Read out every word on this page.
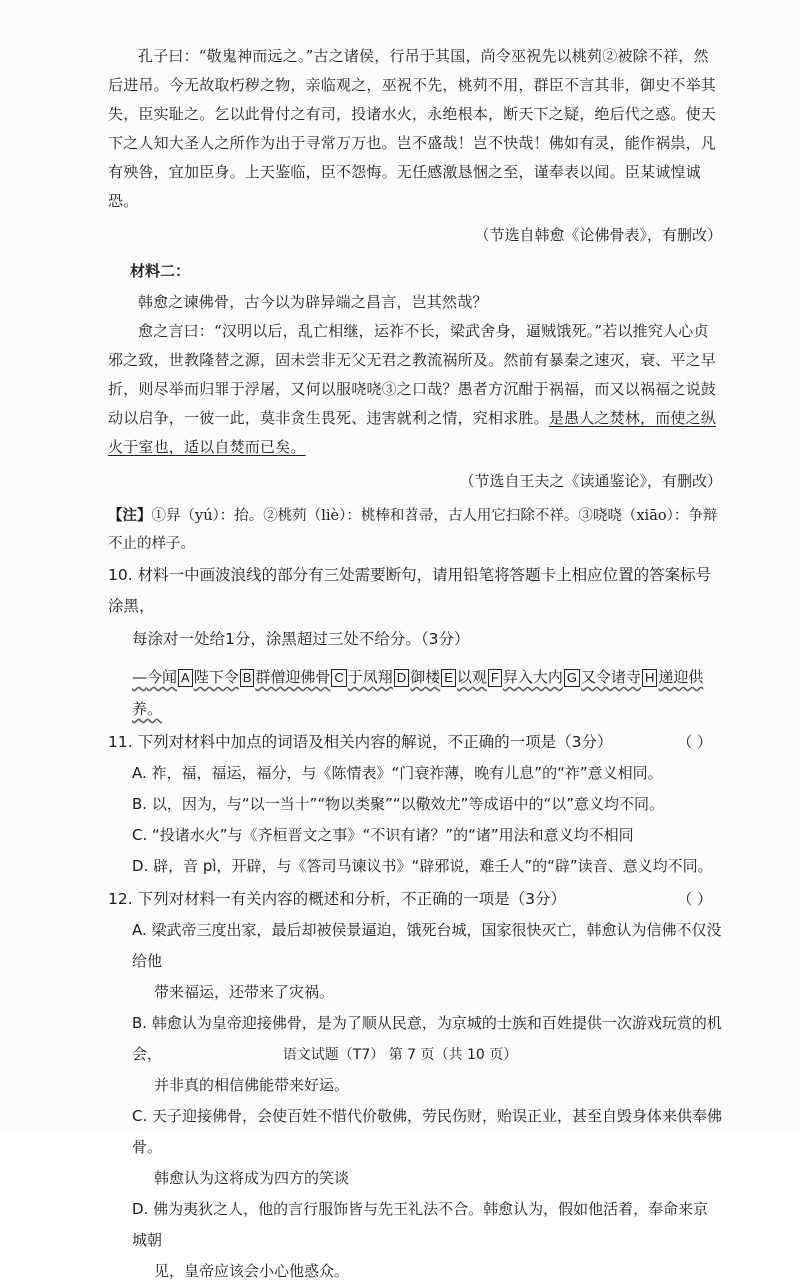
孔子曰：“敬鬼神而远之。”古之诸侯，行吊于其国，尚令巫祝先以桃茢②被除不祥，然后进吊。今无故取朽秽之物，亲临观之，巫祝不先，桃茢不用，群臣不言其非，御史不举其失，臣实耻之。乞以此骨付之有司，投诸水火，永绝根本，断天下之疑，绝后代之惑。使天下之人知大圣人之所作为出于寻常万万也。岂不盛哉！岂不快哉！佛如有灵，能作祸祟，凡有殃咎，宜加臣身。上天鉴临，臣不怨悔。无任感激恳悃之至，谨奉表以闻。臣某诚惶诚恐。

（节选自韩愈《论佛骨表》，有删改）

材料二：

韩愈之谏佛骨，古今以为辟异端之昌言，岂其然哉？

愈之言曰：“汉明以后，乱亡相继，运祚不长，梁武舍身，逼贼饿死。”若以推究人心贞邪之致，世教隆替之源，固未尝非无父无君之教流祸所及。然前有暴秦之速灭，衰、平之早折，则尽举而归罪于浮屠，又何以服哓哓③之口哉？愚者方沉酣于祸福，而又以祸福之说鼓动以启争，一彼一此，莫非贪生畏死、违害就利之情，究相求胜。是愚人之焚林，而使之纵火于室也，适以自焚而已矣。

（节选自王夫之《读通鉴论》，有删改）

【注】①舁（yú）：抬。②桃茢（liè）：桃棒和苕帚，古人用它扫除不祥。③哓哓（xiāo）：争辩不止的样子。

10. 材料一中画波浪线的部分有三处需要断句，请用铅笔将答题卡上相应位置的答案标号涂黑，

每涂对一处给1分，涂黑超过三处不给分。（3分）

—今闻 A 陛下令 B 群僧迎佛骨 C 于凤翔 D 御楼 E 以观 F 舁入大内 G 又令诸寺 H 递迎供养。

11. 下列对材料中加点的词语及相关内容的解说，不正确的一项是（3分）	（ ）

A. 祚，福，福运，福分，与《陈情表》“门衰祚薄，晚有儿息”的“祚”意义相同。

B. 以，因为，与“以一当十”“物以类聚”“以儆效尤”等成语中的“以”意义均不同。

C. “投诸水火”与《齐桓晋文之事》“不识有诸？”的“诸”用法和意义均不相同

D. 辟，音 pì，开辟，与《答司马谏议书》“辟邪说，难壬人”的“辟”读音、意义均不同。

12. 下列对材料一有关内容的概述和分析，不正确的一项是（3分）	（ ）

A. 梁武帝三度出家，最后却被侯景逼迫，饿死台城，国家很快灭亡，韩愈认为信佛不仅没给他

带来福运，还带来了灾祸。

B. 韩愈认为皇帝迎接佛骨，是为了顺从民意，为京城的士族和百姓提供一次游戏玩赏的机会，

并非真的相信佛能带来好运。

C. 天子迎接佛骨，会使百姓不惜代价敬佛，劳民伤财，贻误正业，甚至自毁身体来供奉佛骨。

韩愈认为这将成为四方的笑谈

D. 佛为夷狄之人，他的言行服饰皆与先王礼法不合。韩愈认为，假如他活着，奉命来京城朝

见，皇帝应该会小心他惑众。

语文试题（T7） 第 7 页（共 10 页）
